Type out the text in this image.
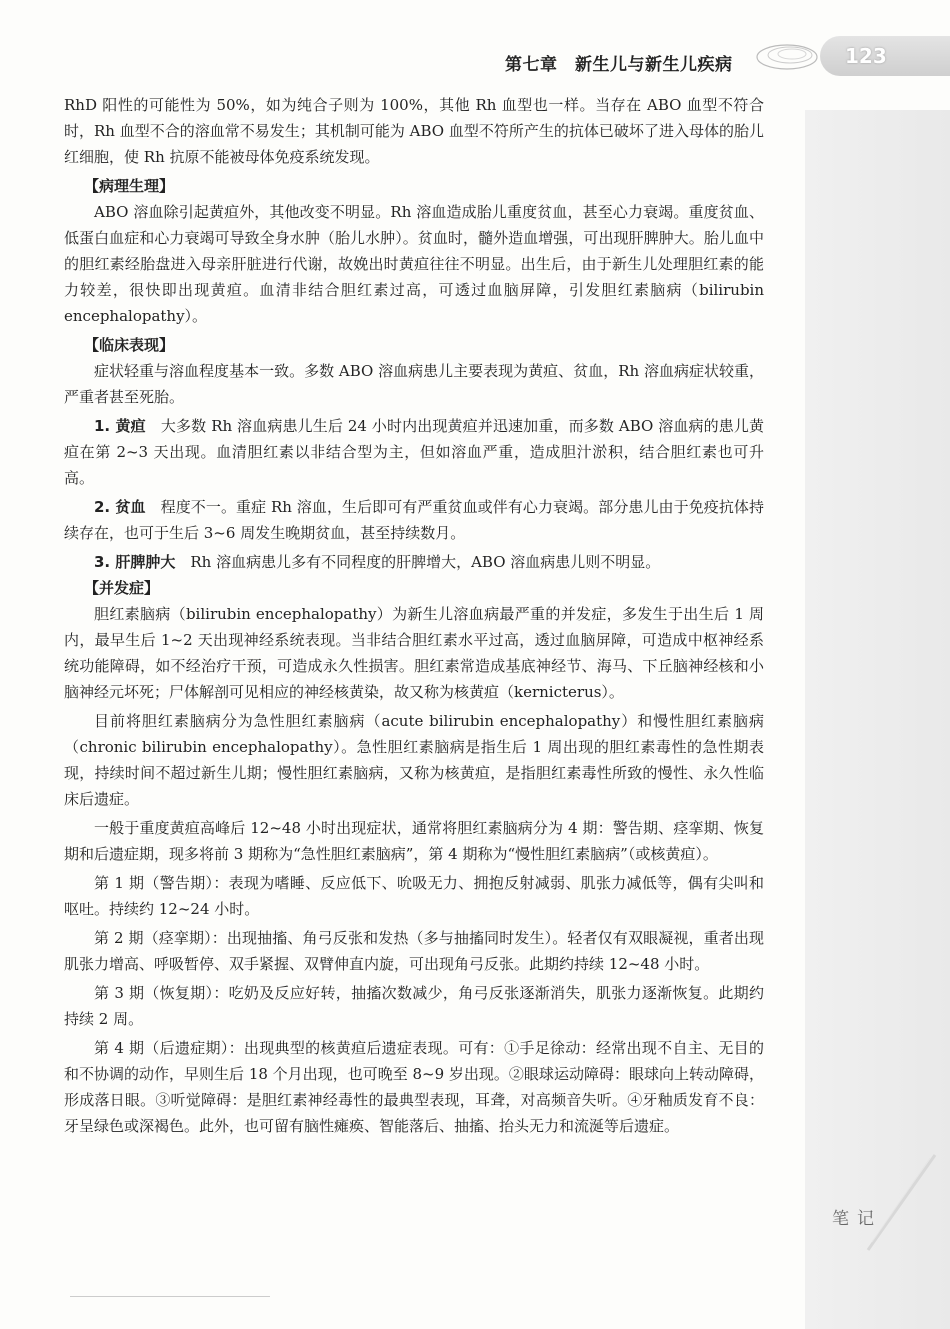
第七章　新生儿与新生儿疾病	123
笔记

RhD 阳性的可能性为 50%，如为纯合子则为 100%，其他 Rh 血型也一样。当存在 ABO 血型不符合时，Rh 血型不合的溶血常不易发生；其机制可能为 ABO 血型不符所产生的抗体已破坏了进入母体的胎儿红细胞，使 Rh 抗原不能被母体免疫系统发现。

【病理生理】

ABO 溶血除引起黄疸外，其他改变不明显。Rh 溶血造成胎儿重度贫血，甚至心力衰竭。重度贫血、低蛋白血症和心力衰竭可导致全身水肿（胎儿水肿）。贫血时，髓外造血增强，可出现肝脾肿大。胎儿血中的胆红素经胎盘进入母亲肝脏进行代谢，故娩出时黄疸往往不明显。出生后，由于新生儿处理胆红素的能力较差，很快即出现黄疸。血清非结合胆红素过高，可透过血脑屏障，引发胆红素脑病（bilirubin encephalopathy）。

【临床表现】

症状轻重与溶血程度基本一致。多数 ABO 溶血病患儿主要表现为黄疸、贫血，Rh 溶血病症状较重，严重者甚至死胎。

1. 黄疸　 大多数 Rh 溶血病患儿生后 24 小时内出现黄疸并迅速加重，而多数 ABO 溶血病的患儿黄疸在第 2~3 天出现。血清胆红素以非结合型为主，但如溶血严重，造成胆汁淤积，结合胆红素也可升高。

2. 贫血　 程度不一。重症 Rh 溶血，生后即可有严重贫血或伴有心力衰竭。部分患儿由于免疫抗体持续存在，也可于生后 3~6 周发生晚期贫血，甚至持续数月。

3. 肝脾肿大　 Rh 溶血病患儿多有不同程度的肝脾增大，ABO 溶血病患儿则不明显。

【并发症】

胆红素脑病（bilirubin encephalopathy）为新生儿溶血病最严重的并发症，多发生于出生后 1 周内，最早生后 1~2 天出现神经系统表现。当非结合胆红素水平过高，透过血脑屏障，可造成中枢神经系统功能障碍，如不经治疗干预，可造成永久性损害。胆红素常造成基底神经节、海马、下丘脑神经核和小脑神经元坏死；尸体解剖可见相应的神经核黄染，故又称为核黄疸（kernicterus）。

目前将胆红素脑病分为急性胆红素脑病（acute bilirubin encephalopathy）和慢性胆红素脑病（chronic bilirubin encephalopathy）。急性胆红素脑病是指生后 1 周出现的胆红素毒性的急性期表现，持续时间不超过新生儿期；慢性胆红素脑病，又称为核黄疸，是指胆红素毒性所致的慢性、永久性临床后遗症。

一般于重度黄疸高峰后 12~48 小时出现症状，通常将胆红素脑病分为 4 期：警告期、痉挛期、恢复期和后遗症期，现多将前 3 期称为“急性胆红素脑病”，第 4 期称为“慢性胆红素脑病”（或核黄疸）。

第 1 期（警告期）：表现为嗜睡、反应低下、吮吸无力、拥抱反射减弱、肌张力减低等，偶有尖叫和呕吐。持续约 12~24 小时。

第 2 期（痉挛期）：出现抽搐、角弓反张和发热（多与抽搐同时发生）。轻者仅有双眼凝视，重者出现肌张力增高、呼吸暂停、双手紧握、双臂伸直内旋，可出现角弓反张。此期约持续 12~48 小时。

第 3 期（恢复期）：吃奶及反应好转，抽搐次数减少，角弓反张逐渐消失，肌张力逐渐恢复。此期约持续 2 周。

第 4 期（后遗症期）：出现典型的核黄疸后遗症表现。可有：①手足徐动：经常出现不自主、无目的和不协调的动作，早则生后 18 个月出现，也可晚至 8~9 岁出现。②眼球运动障碍：眼球向上转动障碍，形成落日眼。③听觉障碍：是胆红素神经毒性的最典型表现，耳聋，对高频音失听。④牙釉质发育不良：牙呈绿色或深褐色。此外，也可留有脑性瘫痪、智能落后、抽搐、抬头无力和流涎等后遗症。
